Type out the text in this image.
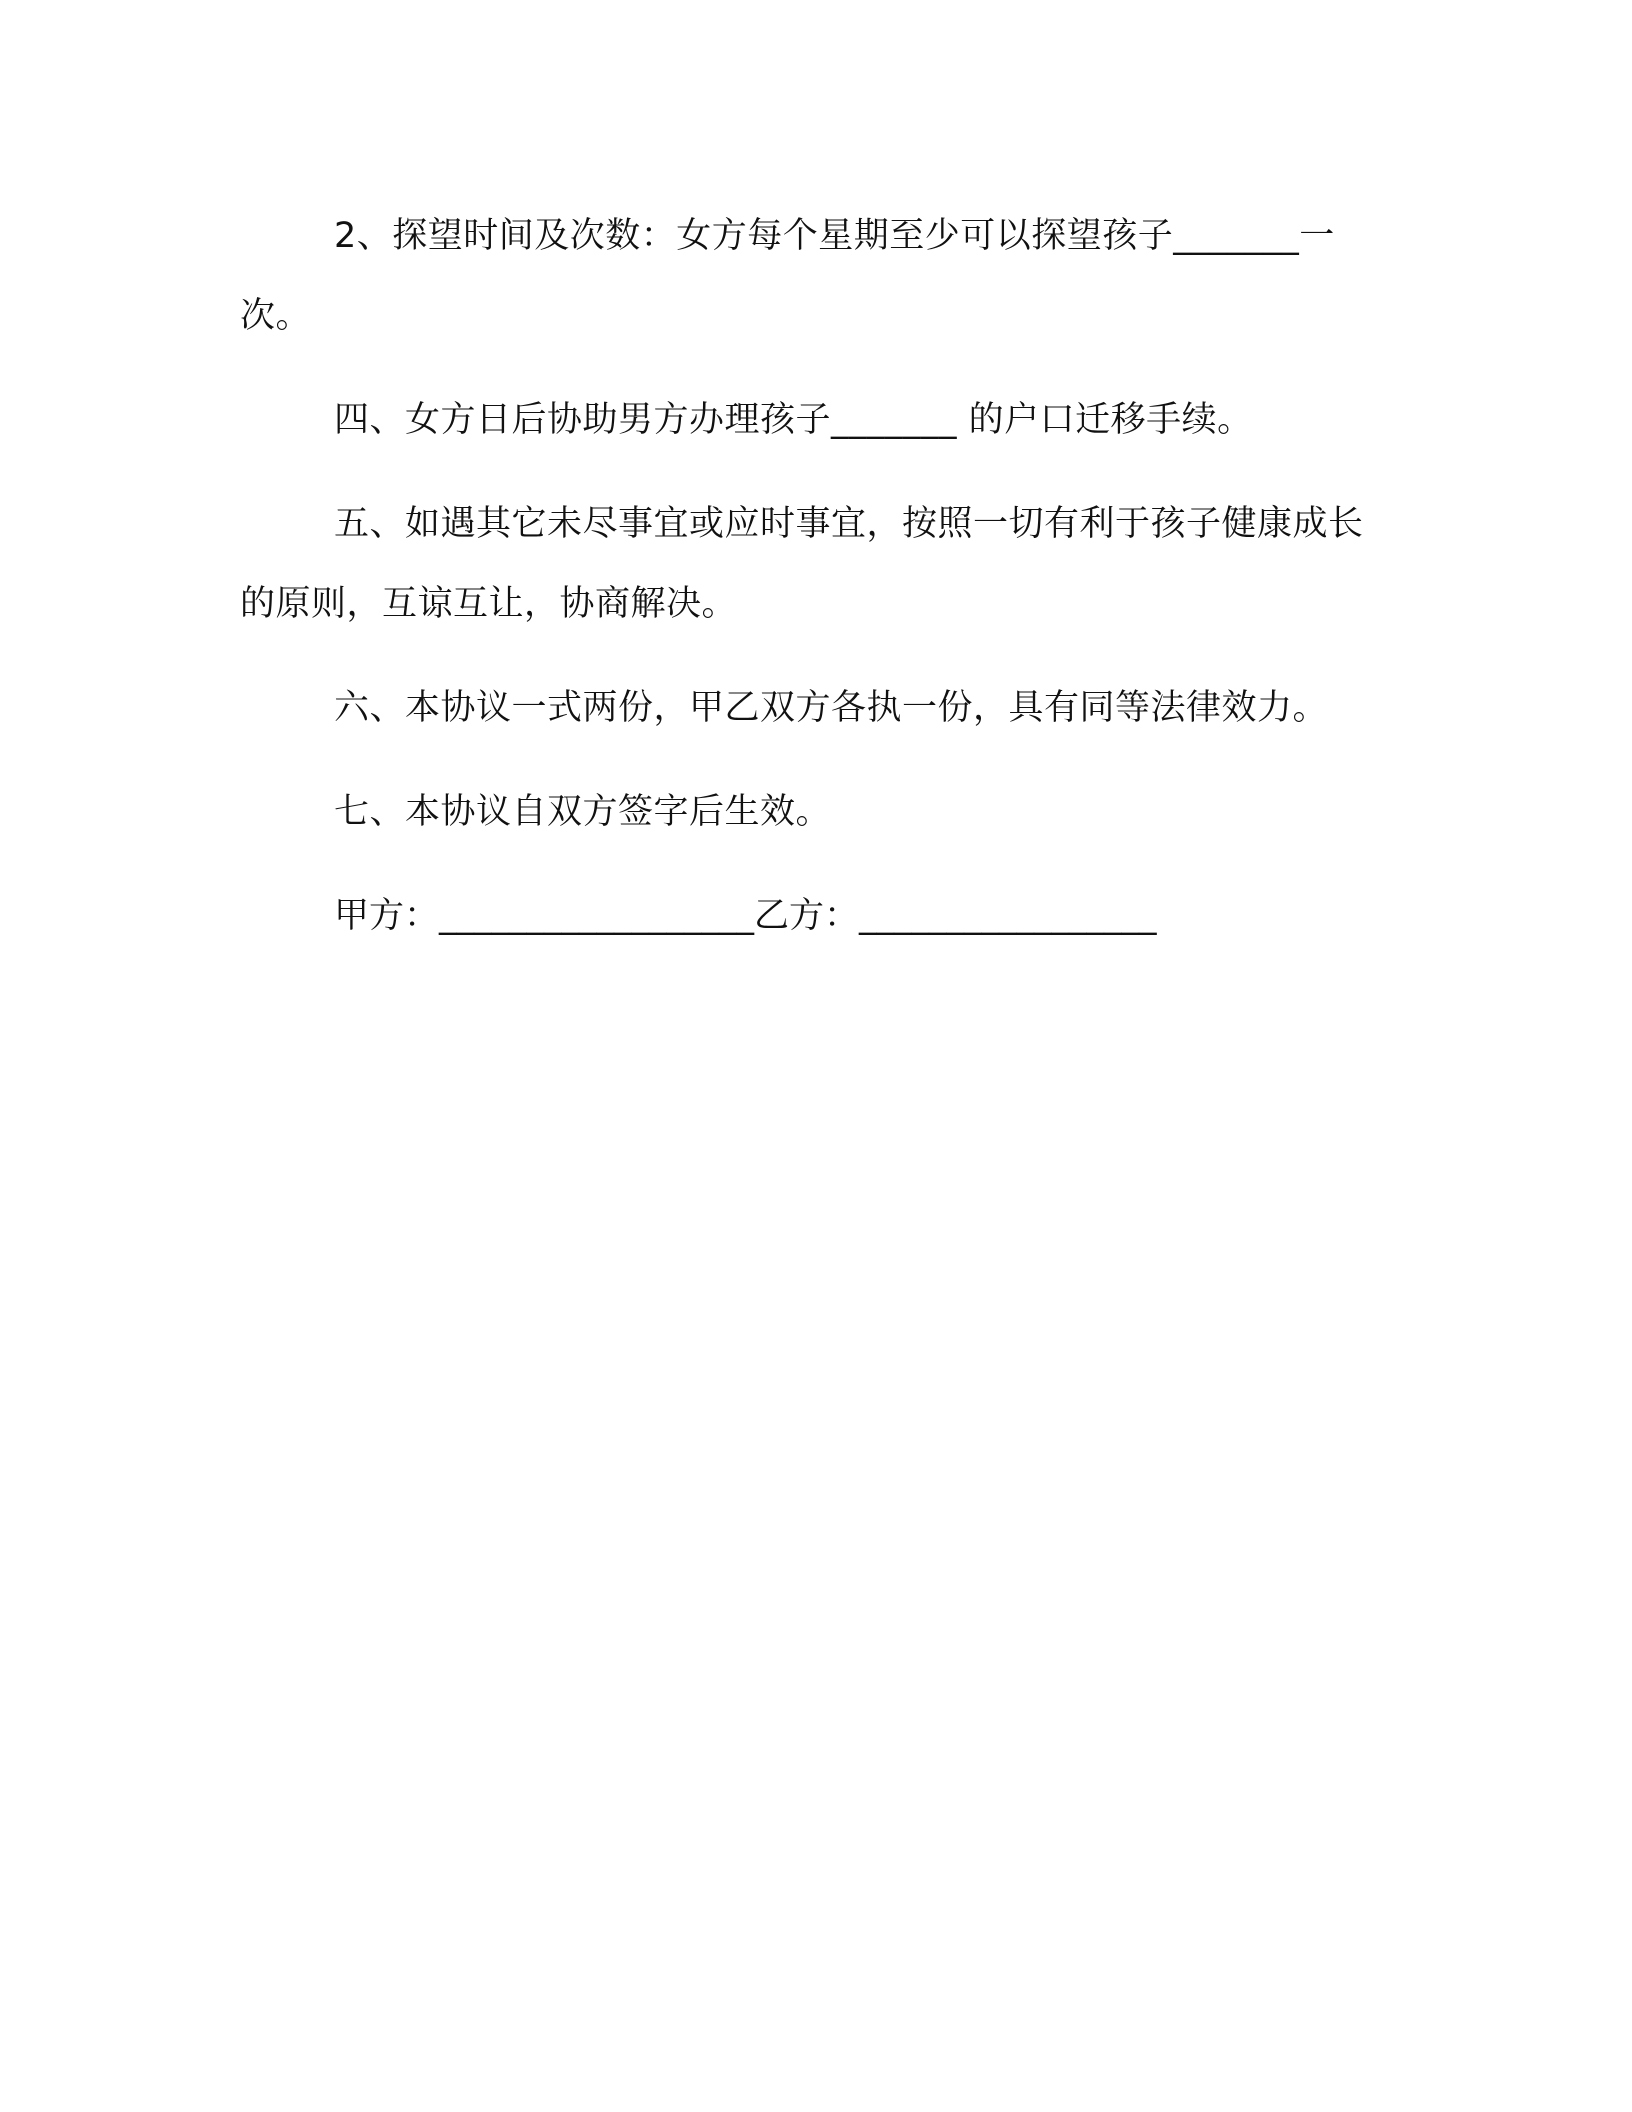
2、探望时间及次数：女方每个星期至少可以探望孩子_______一次。

四、女方日后协助男方办理孩子_______ 的户口迁移手续。

五、如遇其它未尽事宜或应时事宜，按照一切有利于孩子健康成长的原则，互谅互让，协商解决。

六、本协议一式两份，甲乙双方各执一份，具有同等法律效力。

七、本协议自双方签字后生效。

甲方：__________________乙方：_________________
